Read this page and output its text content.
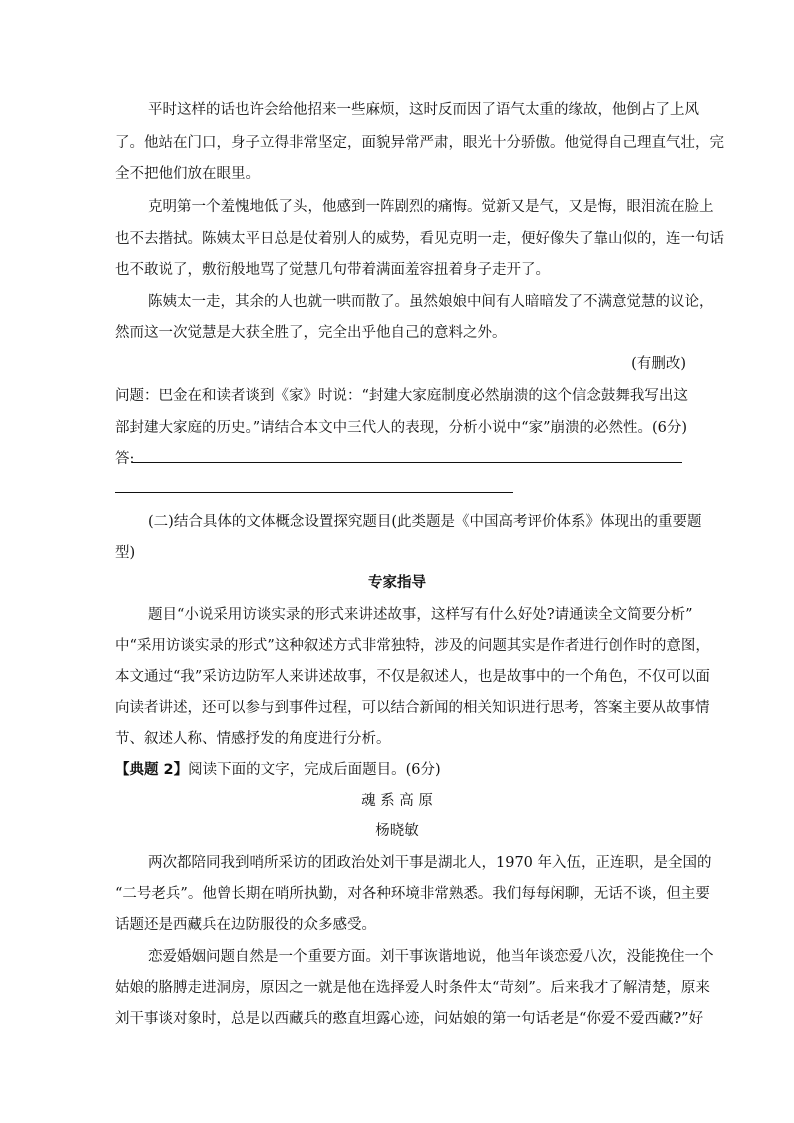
平时这样的话也许会给他招来一些麻烦，这时反而因了语气太重的缘故，他倒占了上风
了。他站在门口，身子立得非常坚定，面貌异常严肃，眼光十分骄傲。他觉得自己理直气壮，完
全不把他们放在眼里。
克明第一个羞愧地低了头，他感到一阵剧烈的痛悔。觉新又是气，又是悔，眼泪流在脸上
也不去揩拭。陈姨太平日总是仗着别人的威势，看见克明一走，便好像失了靠山似的，连一句话
也不敢说了，敷衍般地骂了觉慧几句带着满面羞容扭着身子走开了。
陈姨太一走，其余的人也就一哄而散了。虽然娘娘中间有人暗暗发了不满意觉慧的议论，
然而这一次觉慧是大获全胜了，完全出乎他自己的意料之外。
(有删改)
问题：巴金在和读者谈到《家》时说：“封建大家庭制度必然崩溃的这个信念鼓舞我写出这
部封建大家庭的历史。”请结合本文中三代人的表现，分析小说中“家”崩溃的必然性。(6分)
答:
(二)结合具体的文体概念设置探究题目(此类题是《中国高考评价体系》体现出的重要题
型)
专家指导
题目“小说采用访谈实录的形式来讲述故事，这样写有什么好处?请通读全文简要分析”
中“采用访谈实录的形式”这种叙述方式非常独特，涉及的问题其实是作者进行创作时的意图，
本文通过“我”采访边防军人来讲述故事，不仅是叙述人，也是故事中的一个角色，不仅可以面
向读者讲述，还可以参与到事件过程，可以结合新闻的相关知识进行思考，答案主要从故事情
节、叙述人称、情感抒发的角度进行分析。
【典题 2】阅读下面的文字，完成后面题目。(6分)
魂 系 高 原
杨晓敏
两次都陪同我到哨所采访的团政治处刘干事是湖北人，1970 年入伍，正连职，是全国的
“二号老兵”。他曾长期在哨所执勤，对各种环境非常熟悉。我们每每闲聊，无话不谈，但主要
话题还是西藏兵在边防服役的众多感受。
恋爱婚姻问题自然是一个重要方面。刘干事诙谐地说，他当年谈恋爱八次，没能挽住一个
姑娘的胳膊走进洞房，原因之一就是他在选择爱人时条件太“苛刻”。后来我才了解清楚，原来
刘干事谈对象时，总是以西藏兵的憨直坦露心迹，问姑娘的第一句话老是“你爱不爱西藏?”好
